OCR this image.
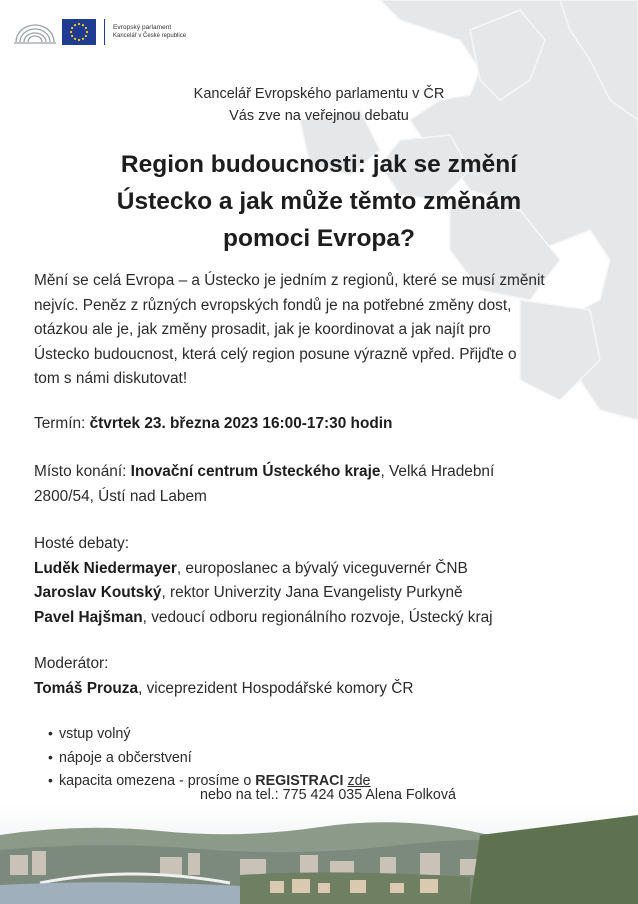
Evropský parlament
Kancelář v České republice
Kancelář Evropského parlamentu v ČR
Vás zve na veřejnou debatu
Region budoucnosti: jak se změní
Ústecko a jak může těmto změnám
pomoci Evropa?
Mění se celá Evropa – a Ústecko je jedním z regionů, které se musí změnit
nejvíc. Peněz z různých evropských fondů je na potřebné změny dost,
otázkou ale je, jak změny prosadit, jak je koordinovat a jak najít pro
Ústecko budoucnost, která celý region posune výrazně vpřed. Přijďte o
tom s námi diskutovat!
Termín: čtvrtek 23. března 2023 16:00-17:30 hodin
Místo konání: Inovační centrum Ústeckého kraje, Velká Hradební
2800/54, Ústí nad Labem
Hosté debaty:
Luděk Niedermayer, europoslanec a bývalý viceguvernér ČNB
Jaroslav Koutský, rektor Univerzity Jana Evangelisty Purkyně
Pavel Hajšman, vedoucí odboru regionálního rozvoje, Ústecký kraj
Moderátor:
Tomáš Prouza, viceprezident Hospodářské komory ČR
• vstup volný
• nápoje a občerstvení
• kapacita omezena - prosíme o REGISTRACI zde
nebo na tel.: 775 424 035 Alena Folková
